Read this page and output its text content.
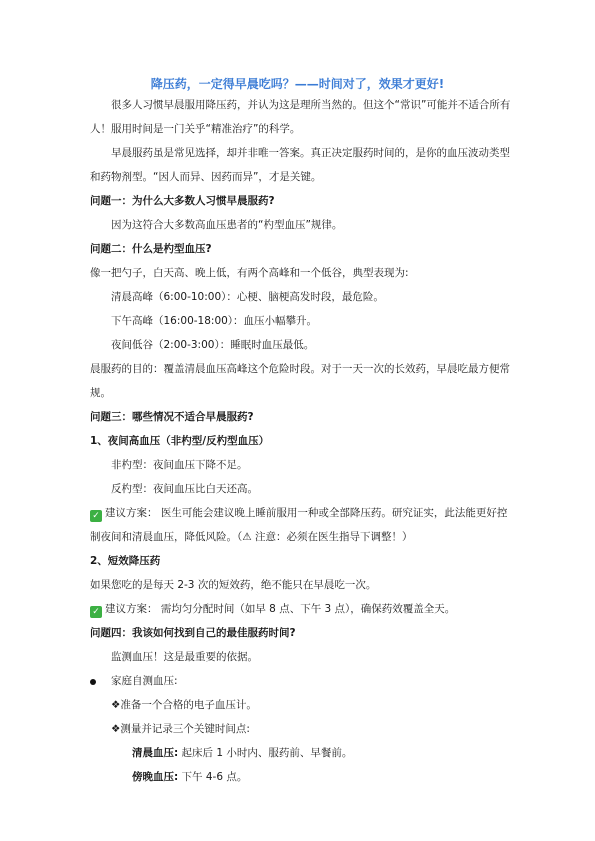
降压药，一定得早晨吃吗？——时间对了，效果才更好!

很多人习惯早晨服用降压药，并认为这是理所当然的。但这个“常识”可能并不适合所有

人！服用时间是一门关乎“精准治疗”的科学。

早晨服药虽是常见选择，却并非唯一答案。真正决定服药时间的，是你的血压波动类型

和药物剂型。“因人而异、因药而异”，才是关键。

问题一：为什么大多数人习惯早晨服药?

因为这符合大多数高血压患者的“杓型血压”规律。

问题二：什么是杓型血压?

像一把勺子，白天高、晚上低，有两个高峰和一个低谷，典型表现为:

清晨高峰（6:00-10:00）：心梗、脑梗高发时段，最危险。

下午高峰（16:00-18:00）：血压小幅攀升。

夜间低谷（2:00-3:00）：睡眠时血压最低。

晨服药的目的：覆盖清晨血压高峰这个危险时段。对于一天一次的长效药，早晨吃最方便常

规。

问题三：哪些情况不适合早晨服药?

1、夜间高血压（非杓型/反杓型血压）

非杓型：夜间血压下降不足。

反杓型：夜间血压比白天还高。

✓ 建议方案： 医生可能会建议晚上睡前服用一种或全部降压药。研究证实，此法能更好控

制夜间和清晨血压，降低风险。（⚠ 注意：必须在医生指导下调整！）

2、短效降压药

如果您吃的是每天 2-3 次的短效药，绝不能只在早晨吃一次。

✓ 建议方案： 需均匀分配时间（如早 8 点、下午 3 点），确保药效覆盖全天。

问题四：我该如何找到自己的最佳服药时间?

监测血压！这是最重要的依据。

家庭自测血压:

❖准备一个合格的电子血压计。

❖测量并记录三个关键时间点:

清晨血压: 起床后 1 小时内、服药前、早餐前。

傍晚血压: 下午 4-6 点。
